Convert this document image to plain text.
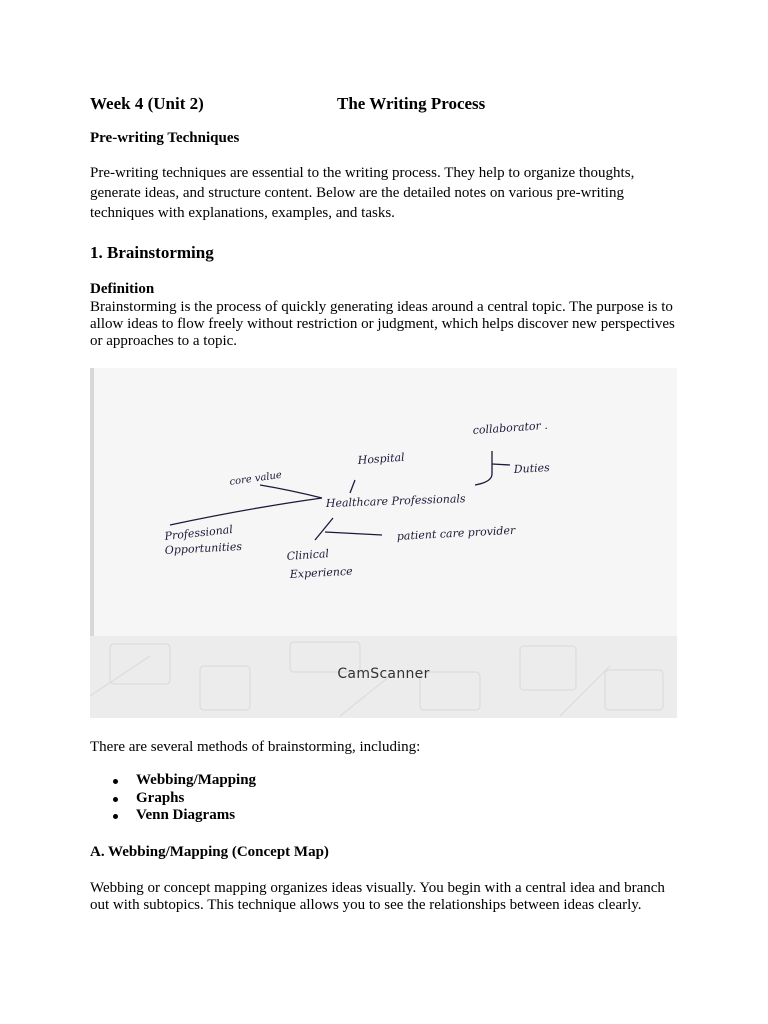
Week 4 (Unit 2)	The Writing Process
Pre-writing Techniques
Pre-writing techniques are essential to the writing process. They help to organize thoughts,
generate ideas, and structure content. Below are the detailed notes on various pre-writing
techniques with explanations, examples, and tasks.
1. Brainstorming
Definition
Brainstorming is the process of quickly generating ideas around a central topic. The purpose is to
allow ideas to flow freely without restriction or judgment, which helps discover new perspectives
or approaches to a topic.
collaborator .
Hospital
Duties
core value
Healthcare Professionals
Professional
Opportunities
patient care provider
Clinical
Experience
CamScanner
There are several methods of brainstorming, including:
Webbing/Mapping
Graphs
Venn Diagrams
A. Webbing/Mapping (Concept Map)
Webbing or concept mapping organizes ideas visually. You begin with a central idea and branch
out with subtopics. This technique allows you to see the relationships between ideas clearly.
